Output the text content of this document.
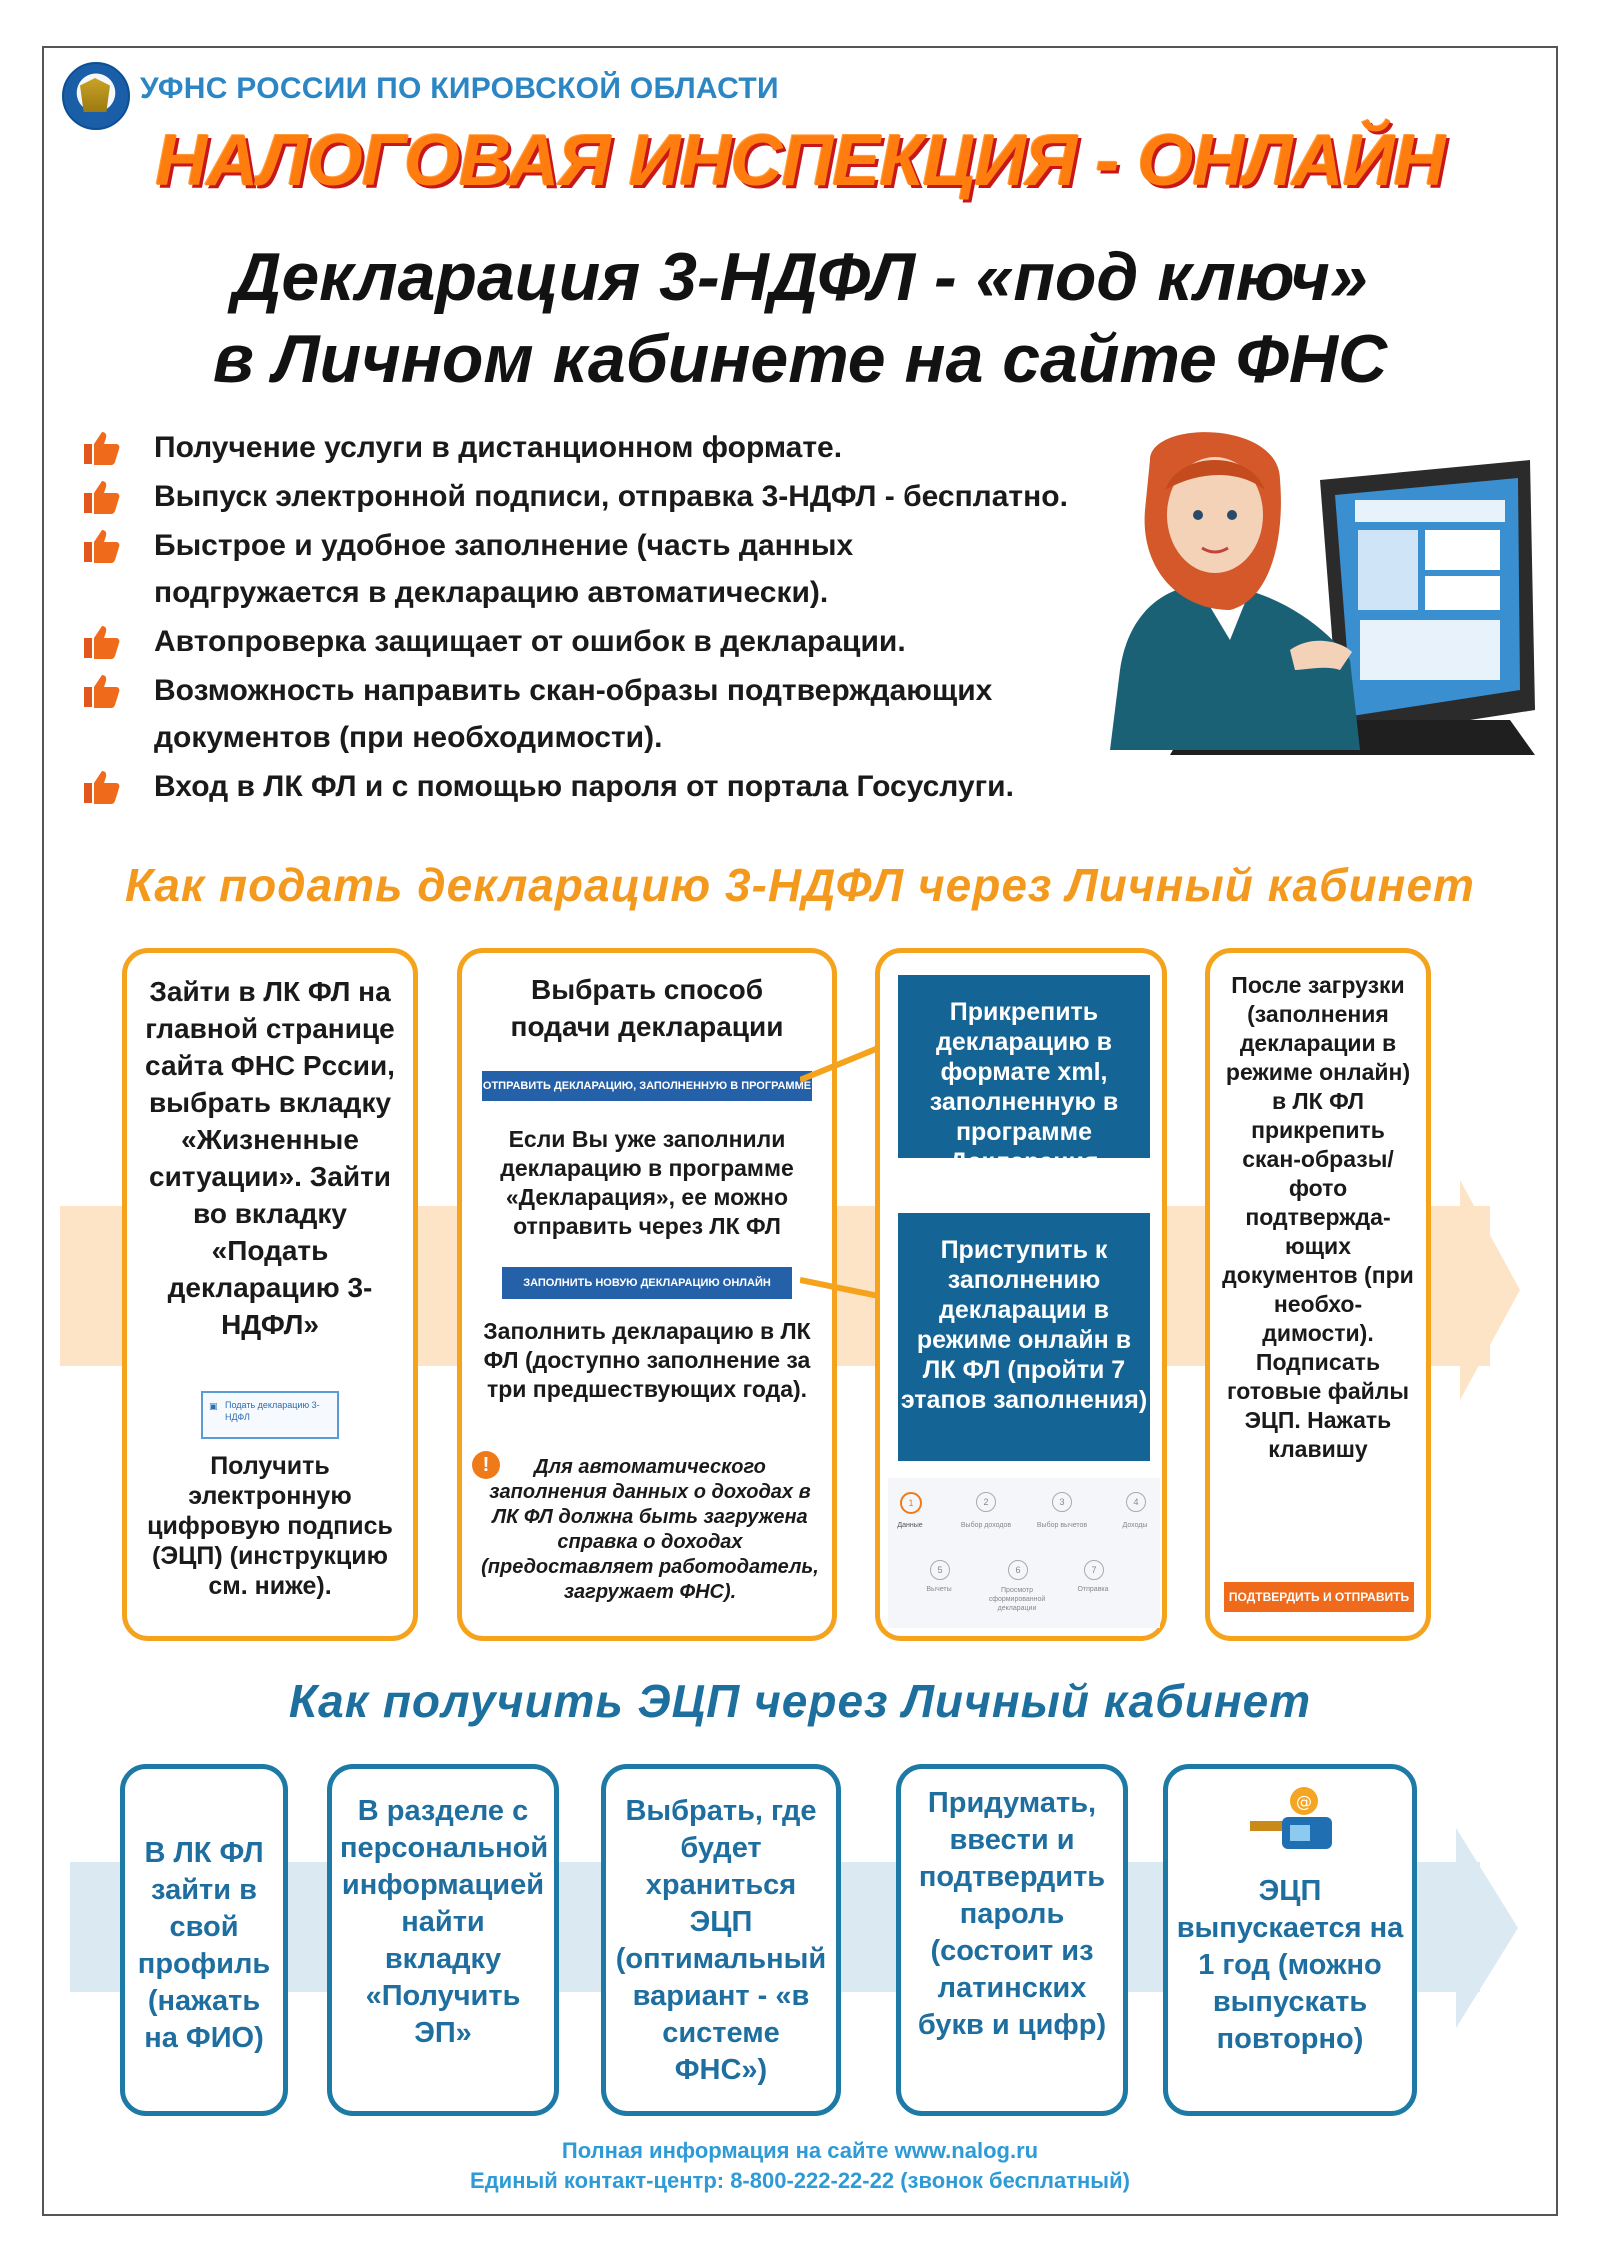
УФНС РОССИИ ПО КИРОВСКОЙ ОБЛАСТИ
НАЛОГОВАЯ ИНСПЕКЦИЯ - ОНЛАЙН
Декларация 3-НДФЛ - «под ключ»
в Личном кабинете на сайте ФНС
Получение услуги в дистанционном формате.
Выпуск электронной подписи, отправка 3-НДФЛ - бесплатно.
Быстрое и удобное заполнение (часть данных подгружается в декларацию автоматически).
Автопроверка защищает от ошибок в декларации.
Возможность направить скан-образы подтверждающих документов (при необходимости).
Вход в ЛК ФЛ и с помощью пароля от портала Госуслуги.
Как подать декларацию 3-НДФЛ через Личный кабинет
Зайти в ЛК ФЛ на главной странице сайта ФНС Рссии, выбрать вкладку «Жизненные ситуации». Зайти во вкладку «Подать декларацию 3-НДФЛ»
▣ Подать декларацию 3-НДФЛ
Получить электронную цифровую подпись (ЭЦП) (инструкцию см. ниже).
Выбрать способ подачи декларации
ОТПРАВИТЬ ДЕКЛАРАЦИЮ, ЗАПОЛНЕННУЮ В ПРОГРАММЕ
Если Вы уже заполнили декларацию в программе «Декларация», ее можно отправить через ЛК ФЛ
ЗАПОЛНИТЬ НОВУЮ ДЕКЛАРАЦИЮ ОНЛАЙН
Заполнить декларацию в ЛК ФЛ (доступно заполнение за три предшествующих года).
!	Для автоматического заполнения данных о доходах в ЛК ФЛ должна быть загружена справка о доходах (предоставляет работодатель, загружает ФНС).
Прикрепить декларацию в формате xml, заполненную в программе «Декларация»
Приступить к заполнению декларации в режиме онлайн в ЛК ФЛ (пройти 7 этапов заполнения)
1
Данные
2
Выбор доходов
3
Выбор вычетов
4
Доходы
5
Вычеты
6
Просмотр сформированной декларации
7
Отправка
После загрузки (заполнения декларации в режиме онлайн) в ЛК ФЛ прикрепить скан-образы/ фото подтвержда-ющих документов (при необхо-димости). Подписать готовые файлы ЭЦП. Нажать клавишу
ПОДТВЕРДИТЬ И ОТПРАВИТЬ
Как получить ЭЦП через Личный кабинет
В ЛК ФЛ зайти в свой профиль (нажать на ФИО)
В разделе с персональной информацией найти вкладку «Получить ЭП»
Выбрать, где будет храниться ЭЦП (оптимальный вариант - «в системе ФНС»)
Придумать, ввести и подтвердить пароль (состоит из латинских букв и цифр)
@
ЭЦП выпускается на 1 год (можно выпускать повторно)
Полная информация на сайте www.nalog.ru
Единый контакт-центр: 8-800-222-22-22 (звонок бесплатный)
